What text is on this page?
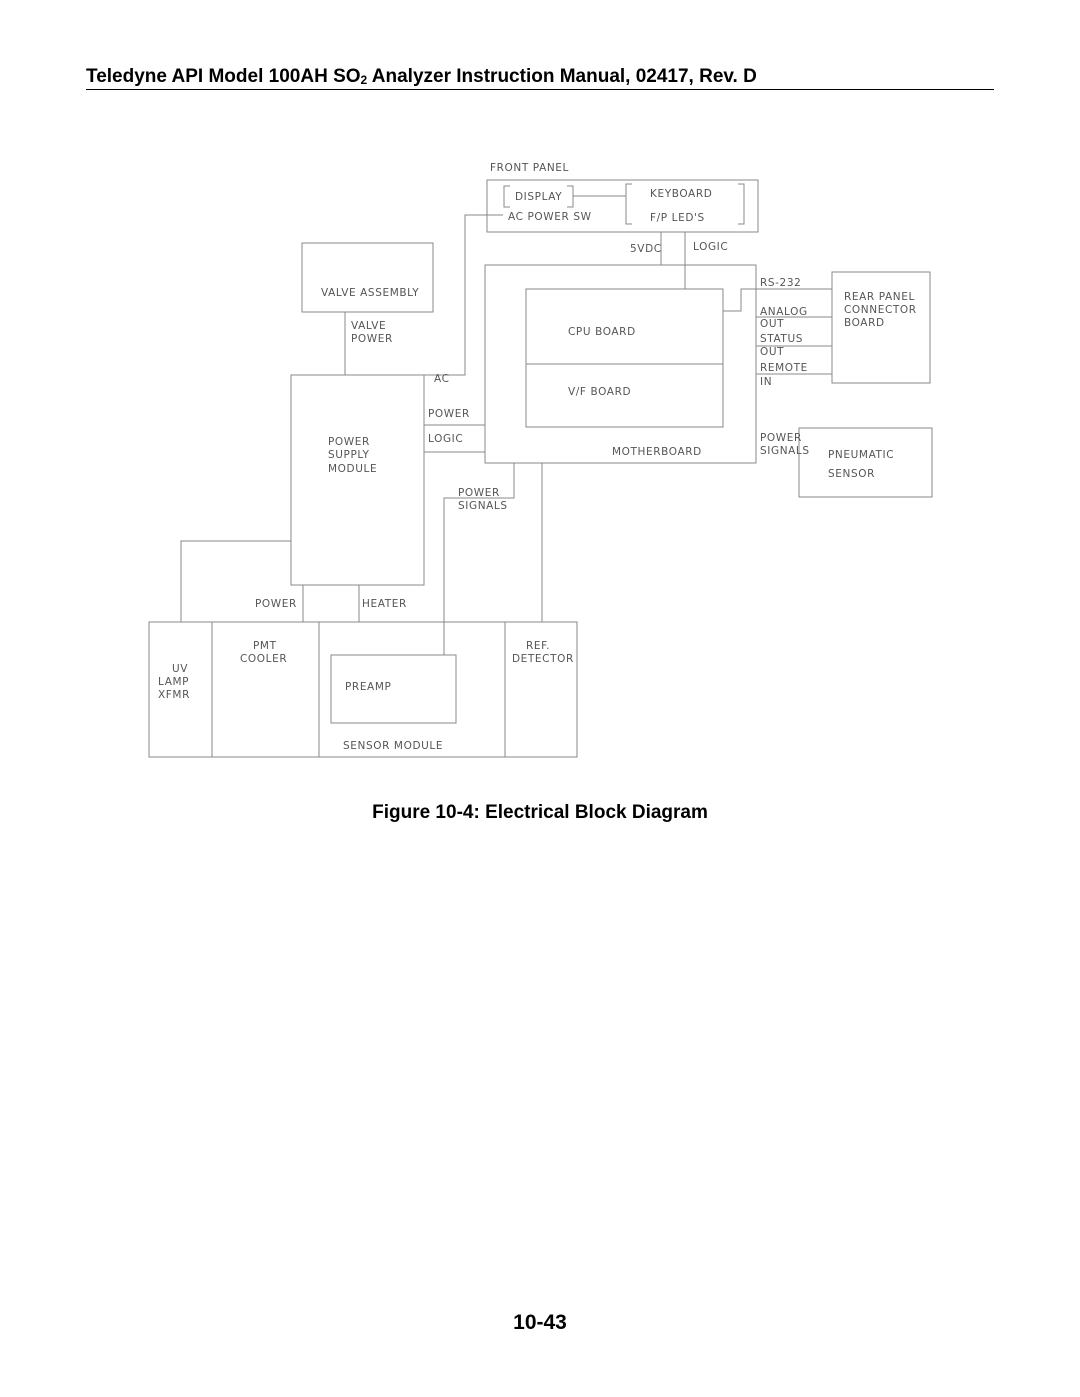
Teledyne API Model 100AH $SO_2$ Analyzer Instruction Manual, 02417, Rev. D
FRONT PANEL
DISPLAY	KEYBOARD
AC POWER SW	F/P LED'S
5VDC	LOGIC
VALVE ASSEMBLY
VALVE
POWER
POWER
SUPPLY
MODULE
AC
POWER
LOGIC
CPU BOARD
V/F BOARD
MOTHERBOARD
RS-232
ANALOG
OUT
STATUS
OUT
REMOTE
IN
REAR PANEL
CONNECTOR
BOARD
POWER
SIGNALS PNEUMATIC
SENSOR
POWER
SIGNALS
POWER	HEATER
UV
LAMP
XFMR
PMT
COOLER
PREAMP
REF.
DETECTOR
SENSOR MODULE
Figure 10-4: Electrical Block Diagram
10-43
